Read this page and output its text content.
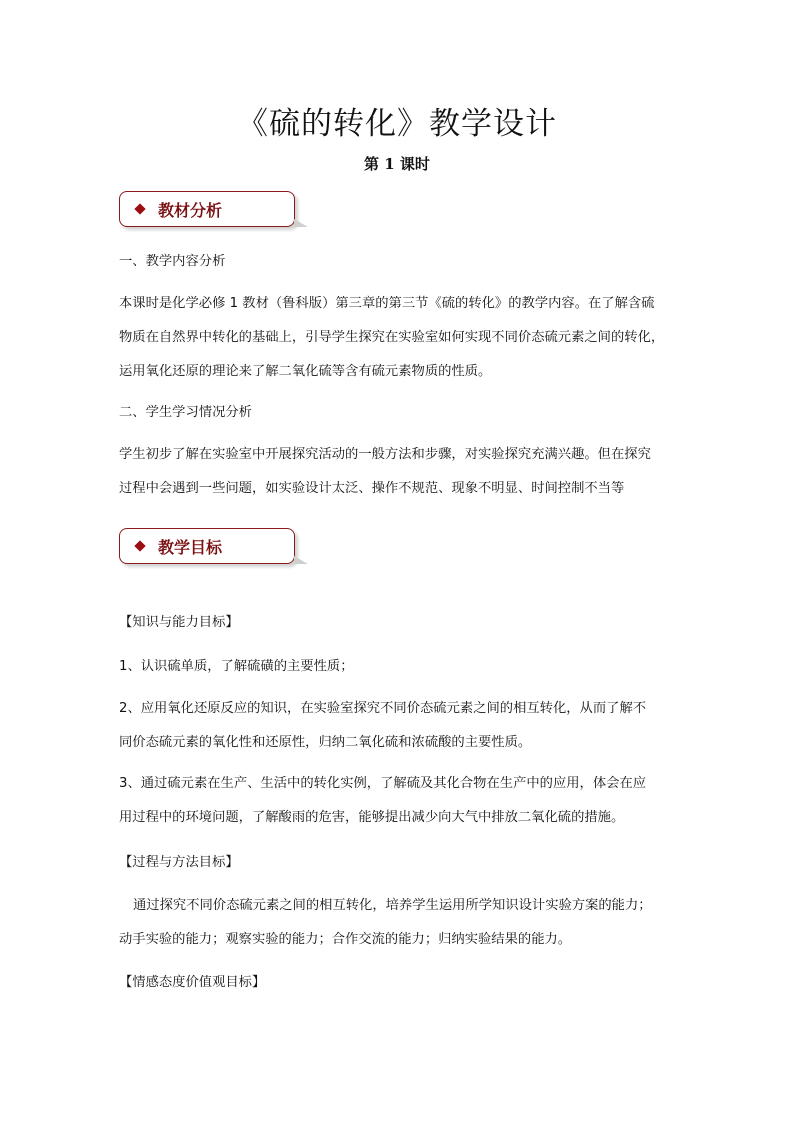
《硫的转化》教学设计
第 1 课时
教材分析
一、教学内容分析
本课时是化学必修 1 教材（鲁科版）第三章的第三节《硫的转化》的教学内容。在了解含硫
物质在自然界中转化的基础上，引导学生探究在实验室如何实现不同价态硫元素之间的转化，
运用氧化还原的理论来了解二氧化硫等含有硫元素物质的性质。
二、学生学习情况分析
学生初步了解在实验室中开展探究活动的一般方法和步骤，对实验探究充满兴趣。但在探究
过程中会遇到一些问题，如实验设计太泛、操作不规范、现象不明显、时间控制不当等
教学目标
【知识与能力目标】
1、认识硫单质，了解硫磺的主要性质；
2、应用氧化还原反应的知识，在实验室探究不同价态硫元素之间的相互转化，从而了解不
同价态硫元素的氧化性和还原性，归纳二氧化硫和浓硫酸的主要性质。
3、通过硫元素在生产、生活中的转化实例，了解硫及其化合物在生产中的应用，体会在应
用过程中的环境问题，了解酸雨的危害，能够提出减少向大气中排放二氧化硫的措施。
【过程与方法目标】
通过探究不同价态硫元素之间的相互转化，培养学生运用所学知识设计实验方案的能力；
动手实验的能力；观察实验的能力；合作交流的能力；归纳实验结果的能力。
【情感态度价值观目标】
